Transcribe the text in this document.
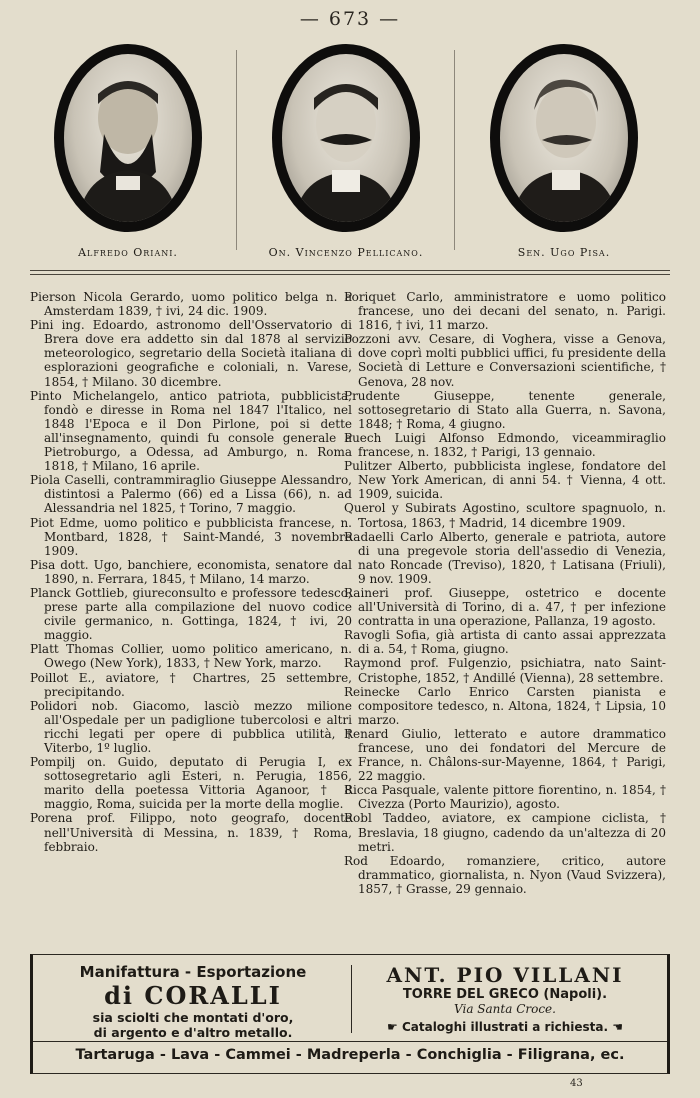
— 673 —
Alfredo Oriani.	On. Vincenzo Pellicano.	Sen. Ugo Pisa.

Pierson Nicola Gerardo, uomo politico belga n. a Amsterdam 1839, † ivi, 24 dic. 1909.

Pini ing. Edoardo, astronomo dell'Osservatorio di Brera dove era addetto sin dal 1878 al servizio meteorologico, segretario della Società italiana di esplorazioni geografiche e coloniali, n. Varese, 1854, † Milano. 30 dicembre.

Pinto Michelangelo, antico patriota, pubblicista, fondò e diresse in Roma nel 1847 l'Italico, nel 1848 l'Epoca e il Don Pirlone, poi si dette all'insegnamento, quindi fu console generale a Pietroburgo, a Odessa, ad Amburgo, n. Roma 1818, † Milano, 16 aprile.

Piola Caselli, contrammiraglio Giuseppe Alessandro, distintosi a Palermo (66) ed a Lissa (66), n. ad Alessandria nel 1825, † Torino, 7 maggio.

Piot Edme, uomo politico e pubblicista francese, n. Montbard, 1828, † Saint-Mandé, 3 novembre 1909.

Pisa dott. Ugo, banchiere, economista, senatore dal 1890, n. Ferrara, 1845, † Milano, 14 marzo.

Planck Gottlieb, giureconsulto e professore tedesco; prese parte alla compilazione del nuovo codice civile germanico, n. Gottinga, 1824, † ivi, 20 maggio.

Platt Thomas Collier, uomo politico americano, n. Owego (New York), 1833, † New York, marzo.

Poillot E., aviatore, † Chartres, 25 settembre, precipitando.

Polidori nob. Giacomo, lasciò mezzo milione all'Ospedale per un padiglione tubercolosi e altri ricchi legati per opere di pubblica utilità, † Viterbo, 1º luglio.

Pompilj on. Guido, deputato di Perugia I, ex sottosegretario agli Esteri, n. Perugia, 1856, marito della poetessa Vittoria Aganoor, † 8 maggio, Roma, suicida per la morte della moglie.

Porena prof. Filippo, noto geografo, docente nell'Università di Messina, n. 1839, † Roma, febbraio.

Poriquet Carlo, amministratore e uomo politico francese, uno dei decani del senato, n. Parigi. 1816, † ivi, 11 marzo.

Pozzoni avv. Cesare, di Voghera, visse a Genova, dove coprì molti pubblici uffici, fu presidente della Società di Letture e Conversazioni scientifiche, † Genova, 28 nov.

Prudente Giuseppe, tenente generale, sottosegretario di Stato alla Guerra, n. Savona, 1848; † Roma, 4 giugno.

Puech Luigi Alfonso Edmondo, viceammiraglio francese, n. 1832, † Parigi, 13 gennaio.

Pulitzer Alberto, pubblicista inglese, fondatore del New York American, di anni 54. † Vienna, 4 ott. 1909, suicida.

Querol y Subirats Agostino, scultore spagnuolo, n. Tortosa, 1863, † Madrid, 14 dicembre 1909.

Radaelli Carlo Alberto, generale e patriota, autore di una pregevole storia dell'assedio di Venezia, nato Roncade (Treviso), 1820, † Latisana (Friuli), 9 nov. 1909.

Raineri prof. Giuseppe, ostetrico e docente all'Università di Torino, di a. 47, † per infezione contratta in una operazione, Pallanza, 19 agosto.

Ravogli Sofia, già artista di canto assai apprezzata di a. 54, † Roma, giugno.

Raymond prof. Fulgenzio, psichiatra, nato Saint-Cristophe, 1852, † Andillé (Vienna), 28 settembre.

Reinecke Carlo Enrico Carsten pianista e compositore tedesco, n. Altona, 1824, † Lipsia, 10 marzo.

Renard Giulio, letterato e autore drammatico francese, uno dei fondatori del Mercure de France, n. Châlons-sur-Mayenne, 1864, † Parigi, 22 maggio.

Ricca Pasquale, valente pittore fiorentino, n. 1854, † Civezza (Porto Maurizio), agosto.

Robl Taddeo, aviatore, ex campione ciclista, † Breslavia, 18 giugno, cadendo da un'altezza di 20 metri.

Rod Edoardo, romanziere, critico, autore drammatico, giornalista, n. Nyon (Vaud Svizzera), 1857, † Grasse, 29 gennaio.

Manifattura - Esportazione
di CORALLI
sia sciolti che montati d'oro,
di argento e d'altro metallo.
ANT. PIO VILLANI
TORRE DEL GRECO (Napoli).
Via Santa Croce.
☛ Cataloghi illustrati a richiesta. ☚
Tartaruga - Lava - Cammei - Madreperla - Conchiglia - Filigrana, ec.
43
